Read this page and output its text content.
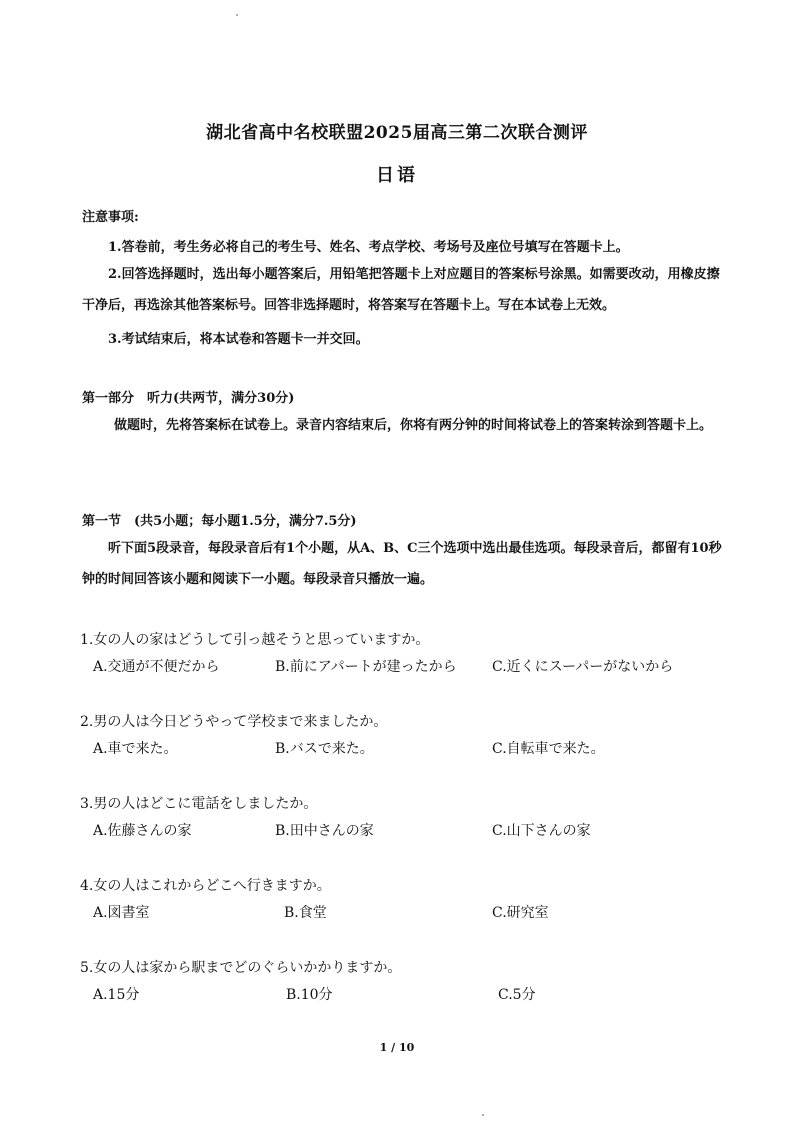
湖北省高中名校联盟2025届高三第二次联合测评
日语
注意事项:
1.答卷前，考生务必将自己的考生号、姓名、考点学校、考场号及座位号填写在答题卡上。
2.回答选择题时，选出每小题答案后，用铅笔把答题卡上对应题目的答案标号涂黑。如需要改动，用橡皮擦干净后，再选涂其他答案标号。回答非选择题时，将答案写在答题卡上。写在本试卷上无效。
3.考试结束后，将本试卷和答题卡一并交回。
第一部分　听力(共两节，满分30分)
做题时，先将答案标在试卷上。录音内容结束后，你将有两分钟的时间将试卷上的答案转涂到答题卡上。
第一节　(共5小题；每小题1.5分，满分7.5分)
听下面5段录音，每段录音后有1个小题，从A、B、C三个选项中选出最佳选项。每段录音后，都留有10秒钟的时间回答该小题和阅读下一小题。每段录音只播放一遍。
1.女の人の家はどうして引っ越そうと思っていますか。
A.交通が不便だから	B.前にアパートが建ったから	C.近くにスーパーがないから
2.男の人は今日どうやって学校まで来ましたか。
A.車で来た。	B.バスで来た。	C.自転車で来た。
3.男の人はどこに電話をしましたか。
A.佐藤さんの家	B.田中さんの家	C.山下さんの家
4.女の人はこれからどこへ行きますか。
A.図書室	B.食堂	C.研究室
5.女の人は家から駅までどのぐらいかかりますか。
A.15分	B.10分	C.5分
1 / 10
